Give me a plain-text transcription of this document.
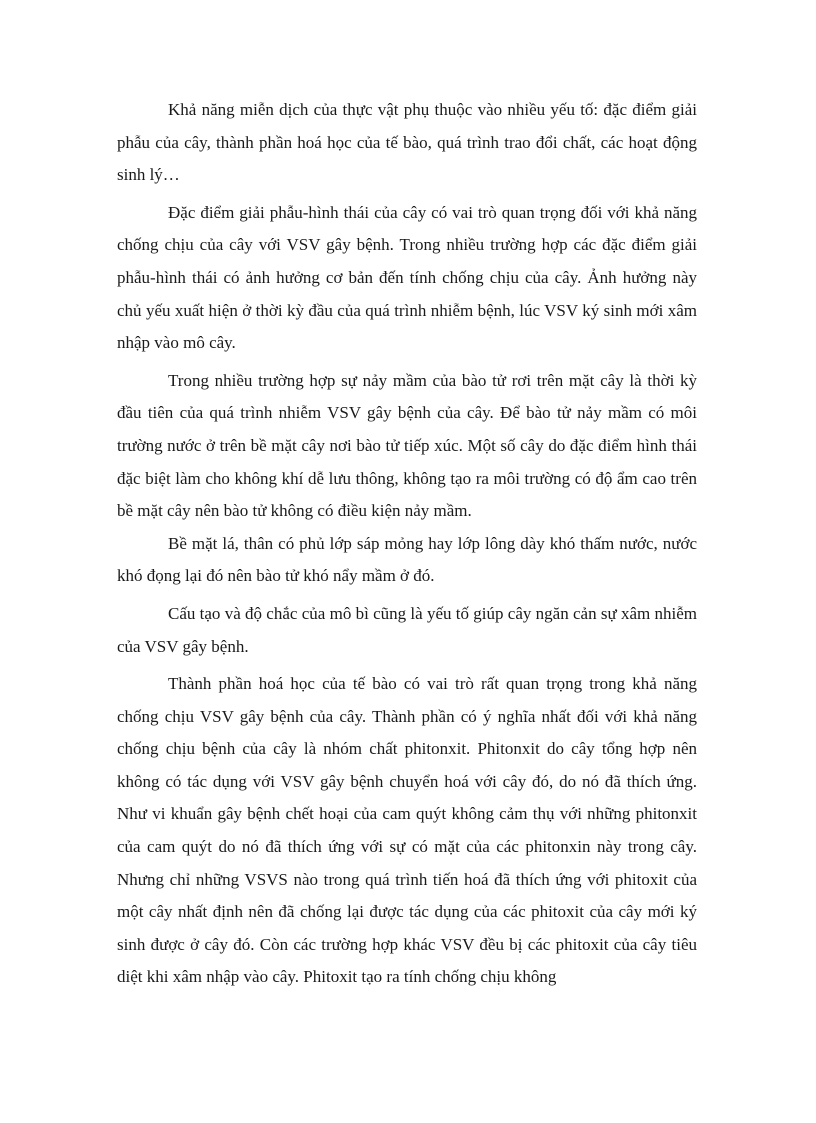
Khả năng miễn dịch của thực vật phụ thuộc vào nhiều yếu tố: đặc điểm giải phẫu của cây, thành phần hoá học của tế bào, quá trình trao đổi chất, các hoạt động sinh lý…

Đặc điểm giải phẫu-hình thái của cây có vai trò quan trọng đối với khả năng chống chịu của cây với VSV gây bệnh. Trong nhiều trường hợp các đặc điểm giải phẫu-hình thái có ảnh hưởng cơ bản đến tính chống chịu của cây. Ảnh hưởng này chủ yếu xuất hiện ở thời kỳ đầu của quá trình nhiễm bệnh, lúc VSV ký sinh mới xâm nhập vào mô cây.

Trong nhiều trường hợp sự nảy mầm của bào tử rơi trên mặt cây là thời kỳ đầu tiên của quá trình nhiễm VSV gây bệnh của cây. Để bào tử nảy mầm có môi trường nước ở trên bề mặt cây nơi bào tử tiếp xúc. Một số cây do đặc điểm hình thái đặc biệt làm cho không khí dễ lưu thông, không tạo ra môi trường có độ ẩm cao trên bề mặt cây nên bào tử không có điều kiện nảy mầm.

Bề mặt lá, thân có phủ lớp sáp mỏng hay lớp lông dày khó thấm nước, nước khó đọng lại đó nên bào tử khó nẩy mầm ở đó.

Cấu tạo và độ chắc của mô bì cũng là yếu tố giúp cây ngăn cản sự xâm nhiễm của VSV gây bệnh.

Thành phần hoá học của tế bào có vai trò rất quan trọng trong khả năng chống chịu VSV gây bệnh của cây. Thành phần có ý nghĩa nhất đối với khả năng chống chịu bệnh của cây là nhóm chất phitonxit. Phitonxit do cây tổng hợp nên không có tác dụng với VSV gây bệnh chuyển hoá với cây đó, do nó đã thích ứng. Như vi khuẩn gây bệnh chết hoại của cam quýt không cảm thụ với những phitonxit của cam quýt do nó đã thích ứng với sự có mặt của các phitonxin này trong cây. Nhưng chỉ những VSVS nào trong quá trình tiến hoá đã thích ứng với phitoxit của một cây nhất định nên đã chống lại được tác dụng của các phitoxit của cây mới ký sinh được ở cây đó. Còn các trường hợp khác VSV đều bị các phitoxit của cây tiêu diệt khi xâm nhập vào cây. Phitoxit tạo ra tính chống chịu không
